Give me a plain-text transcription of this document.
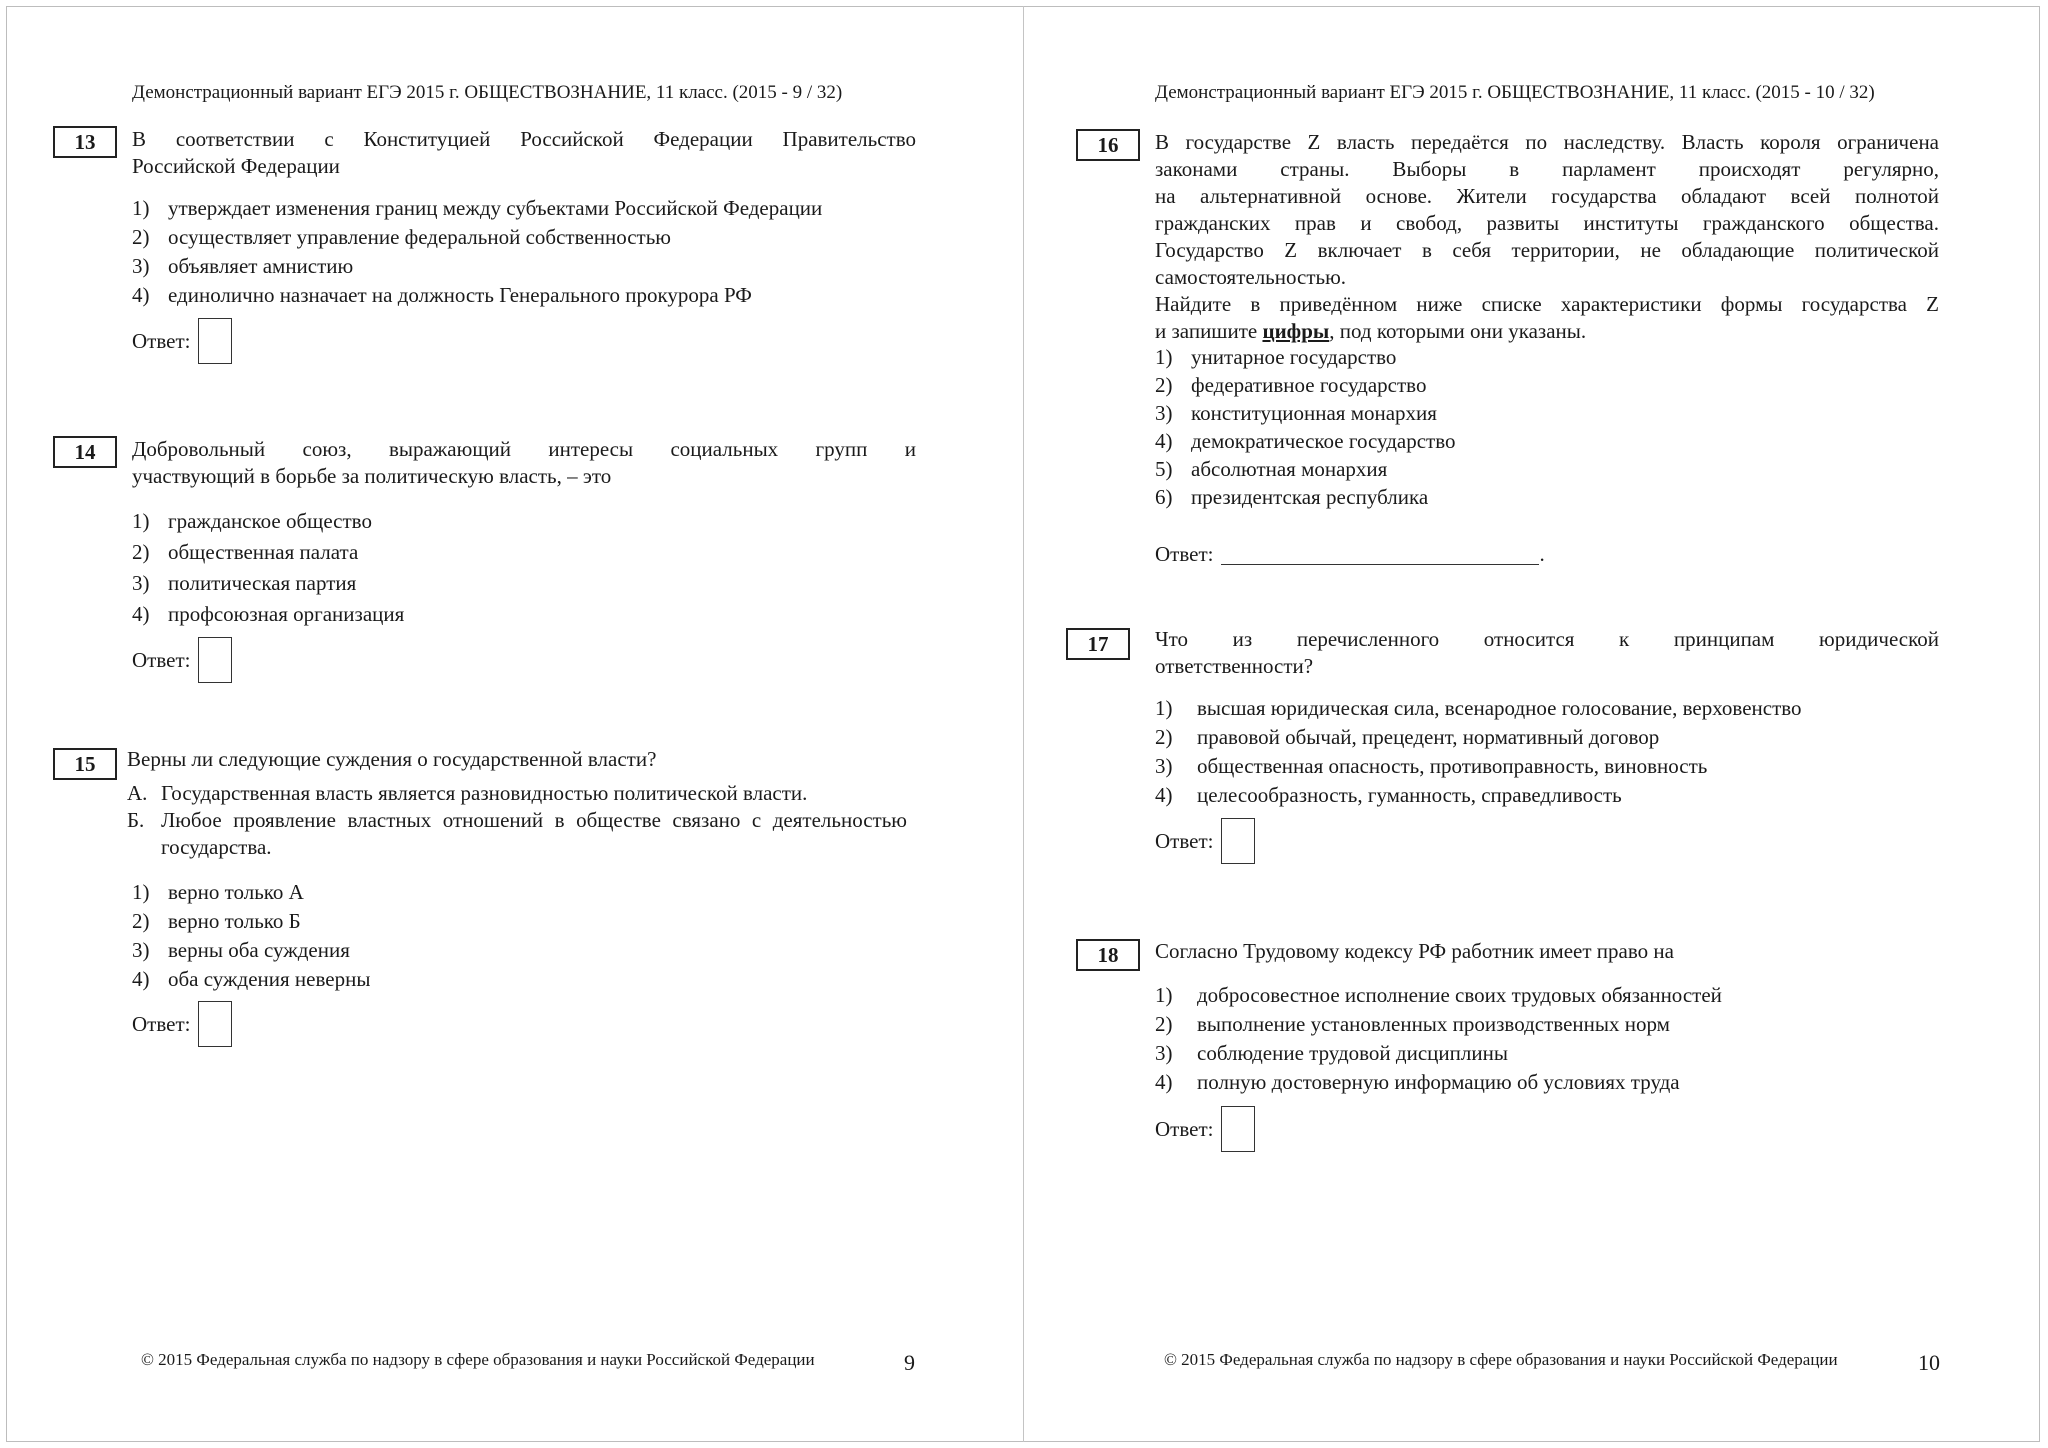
Демонстрационный вариант ЕГЭ 2015 г. ОБЩЕСТВОЗНАНИЕ, 11 класс. (2015 - 9 / 32)
13	В соответствии с Конституцией Российской Федерации Правительство
Российской Федерации

1) утверждает изменения границ между субъектами Российской Федерации
2) осуществляет управление федеральной собственностью
3) объявляет амнистию
4) единолично назначает на должность Генерального прокурора РФ
Ответ:
14	Добровольный союз, выражающий интересы социальных групп и
участвующий в борьбе за политическую власть, – это

1) гражданское общество
2) общественная палата
3) политическая партия
4) профсоюзная организация
Ответ:
15	Верны ли следующие суждения о государственной власти?
А. Государственная власть является разновидностью политической власти.
Б. Любое проявление властных отношений в обществе связано с деятельностью государства.
1) верно только А
2) верно только Б
3) верны оба суждения
4) оба суждения неверны
Ответ:
© 2015 Федеральная служба по надзору в сфере образования и науки Российской Федерации	9
Демонстрационный вариант ЕГЭ 2015 г. ОБЩЕСТВОЗНАНИЕ, 11 класс. (2015 - 10 / 32)
16	В государстве Z власть передаётся по наследству. Власть короля ограничена
законами страны. Выборы в парламент происходят регулярно,
на альтернативной основе. Жители государства обладают всей полнотой
гражданских прав и свобод, развиты институты гражданского общества.
Государство Z включает в себя территории, не обладающие политической
самостоятельностью.
Найдите в приведённом ниже списке характеристики формы государства Z
и запишите цифры, под которыми они указаны.
1) унитарное государство
2) федеративное государство
3) конституционная монархия
4) демократическое государство
5) абсолютная монархия
6) президентская республика
Ответ:	.
17	Что из перечисленного относится к принципам юридической
ответственности?
1)	высшая юридическая сила, всенародное голосование, верховенство
2)	правовой обычай, прецедент, нормативный договор
3)	общественная опасность, противоправность, виновность
4)	целесообразность, гуманность, справедливость
Ответ:
18	Согласно Трудовому кодексу РФ работник имеет право на
1)	добросовестное исполнение своих трудовых обязанностей
2)	выполнение установленных производственных норм
3)	соблюдение трудовой дисциплины
4)	полную достоверную информацию об условиях труда
Ответ:
© 2015 Федеральная служба по надзору в сфере образования и науки Российской Федерации	10
